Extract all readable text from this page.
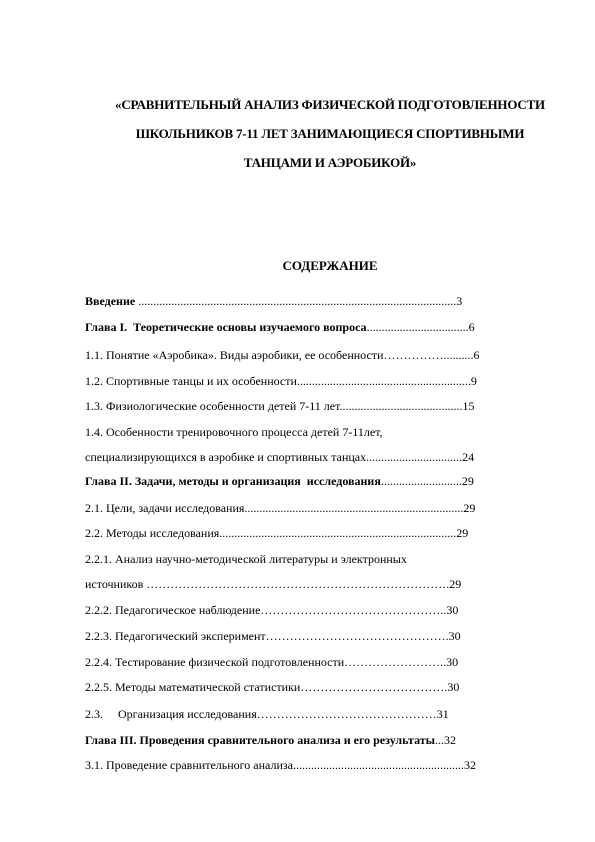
«СРАВНИТЕЛЬНЫЙ АНАЛИЗ ФИЗИЧЕСКОЙ ПОДГОТОВЛЕННОСТИ
ШКОЛЬНИКОВ 7-11 ЛЕТ ЗАНИМАЮЩИЕСЯ СПОРТИВНЫМИ
ТАНЦАМИ И АЭРОБИКОЙ»
СОДЕРЖАНИЕ
Введение ..........................................................................................................3
Глава I.  Теоретические основы изучаемого вопроса..................................6
1.1. Понятие «Аэробика». Виды аэробики, ее особенности……………..........6
1.2. Спортивные танцы и их особенности..........................................................9
1.3. Физиологические особенности детей 7-11 лет.........................................15
1.4. Особенности тренировочного процесса детей 7-11лет,
специализирующихся в аэробике и спортивных танцах................................24
Глава II. Задачи, методы и организация  исследования...........................29
2.1. Цели, задачи исследования.........................................................................29
2.2. Методы исследования...............................................................................29
2.2.1. Анализ научно-методической литературы и электронных
источников ………………………………………………………………….29
2.2.2. Педагогическое наблюдение………………………………………..30
2.2.3. Педагогический эксперимент……………………………………….30
2.2.4. Тестирование физической подготовленности……………………..30
2.2.5. Методы математической статистики……………………………….30
2.3.     Организация исследования………………………………………31
Глава III. Проведения сравнительного анализа и его результаты...32
3.1. Проведение сравнительного анализа.........................................................32
